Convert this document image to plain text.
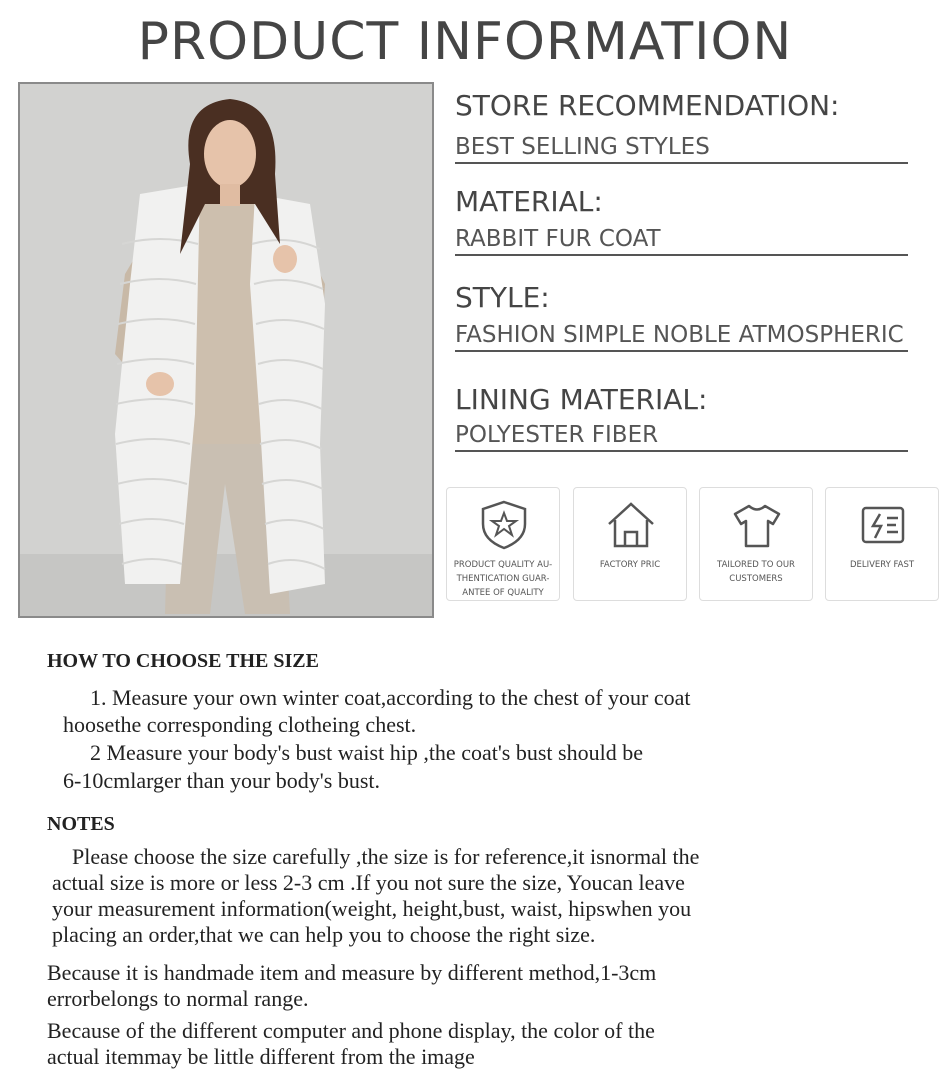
PRODUCT INFORMATION
STORE RECOMMENDATION:
BEST SELLING STYLES
MATERIAL:
RABBIT FUR COAT
STYLE:
FASHION SIMPLE NOBLE ATMOSPHERIC
LINING MATERIAL:
POLYESTER FIBER
PRODUCT QUALITY AU-
THENTICATION GUAR-
ANTEE OF QUALITY
FACTORY PRIC	TAILORED TO OUR
CUSTOMERS
DELIVERY FAST
HOW TO CHOOSE THE SIZE
1. Measure your own winter coat,according to the chest of your coat
hoosethe corresponding clotheing chest.
2 Measure your body's bust waist hip ,the coat's bust should be
6-10cmlarger than your body's bust.
NOTES
Please choose the size carefully ,the size is for reference,it isnormal the
actual size is more or less 2-3 cm .If you not sure the size, Youcan leave
your measurement information(weight, height,bust, waist, hipswhen you
placing an order,that we can help you to choose the right size.
Because it is handmade item and measure by different method,1-3cm
errorbelongs to normal range.
Because of the different computer and phone display, the color of the
actual itemmay be little different from the image
